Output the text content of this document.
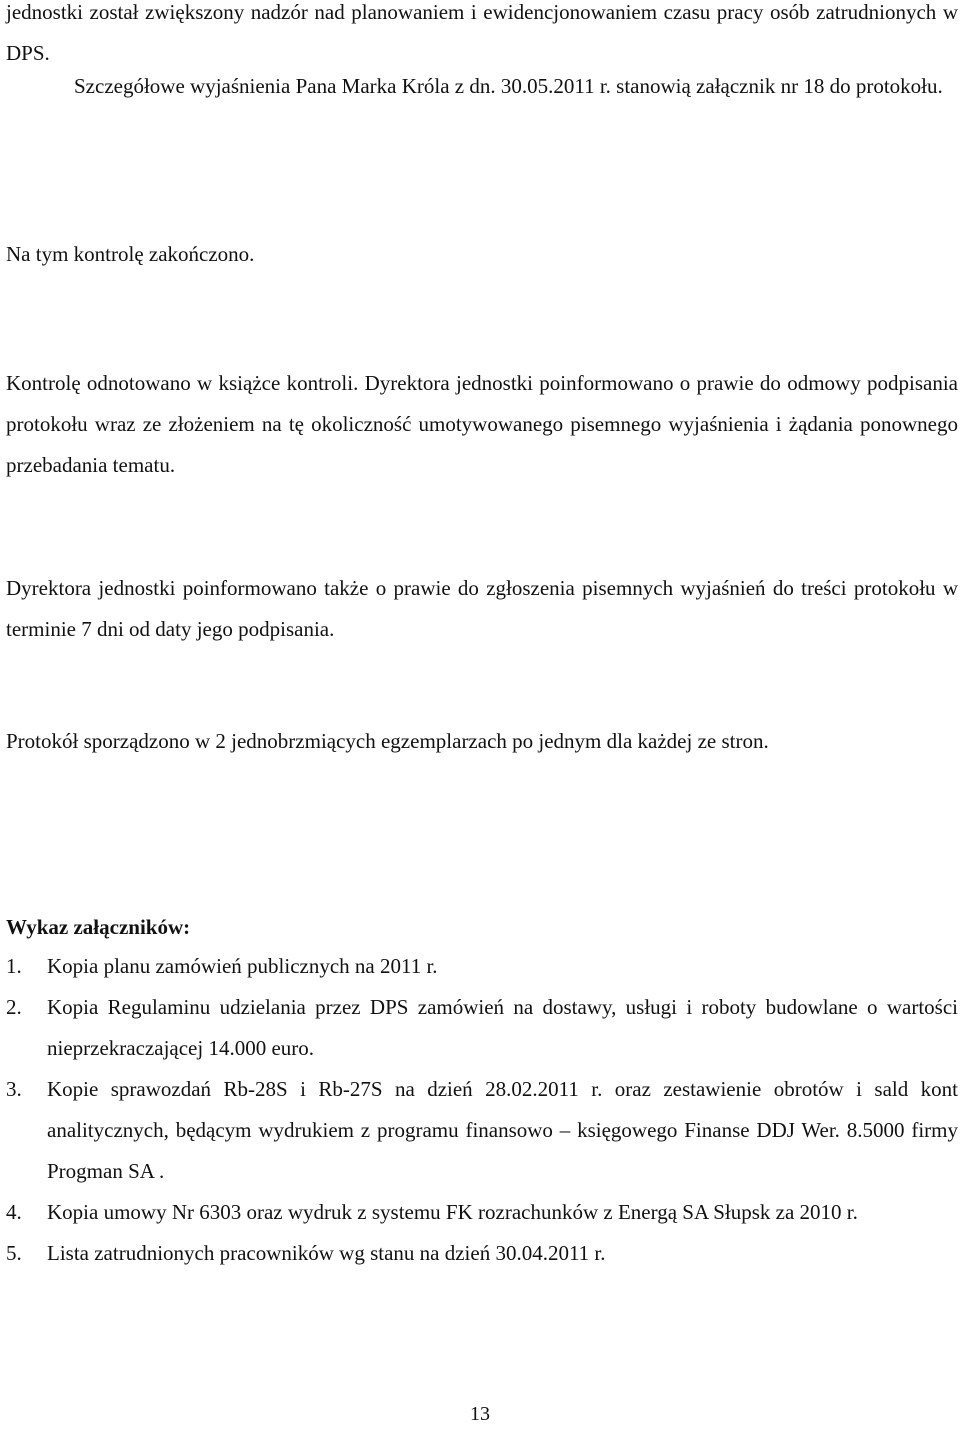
jednostki został zwiększony nadzór nad planowaniem i ewidencjonowaniem czasu pracy osób zatrudnionych w DPS.

Szczegółowe wyjaśnienia Pana Marka Króla z dn. 30.05.2011 r. stanowią załącznik nr 18 do protokołu.

Na tym kontrolę zakończono.

Kontrolę odnotowano w książce kontroli. Dyrektora jednostki poinformowano o prawie do odmowy podpisania protokołu wraz ze złożeniem na tę okoliczność umotywowanego pisemnego wyjaśnienia i żądania ponownego przebadania tematu.

Dyrektora jednostki poinformowano także o prawie do zgłoszenia pisemnych wyjaśnień do treści protokołu w terminie 7 dni od daty jego podpisania.

Protokół sporządzono w 2 jednobrzmiących egzemplarzach po jednym dla każdej ze stron.

Wykaz załączników:

1. Kopia planu zamówień publicznych na 2011 r.
2. Kopia Regulaminu udzielania przez DPS zamówień na dostawy, usługi i roboty budowlane o wartości nieprzekraczającej 14.000 euro.
3. Kopie sprawozdań Rb-28S i Rb-27S na dzień 28.02.2011 r. oraz zestawienie obrotów i sald kont analitycznych, będącym wydrukiem z programu finansowo – księgowego Finanse DDJ Wer. 8.5000 firmy Progman SA .
4. Kopia umowy Nr 6303 oraz wydruk z systemu FK rozrachunków z Energą SA Słupsk za 2010 r.
5. Lista zatrudnionych pracowników wg stanu na dzień 30.04.2011 r.
13
